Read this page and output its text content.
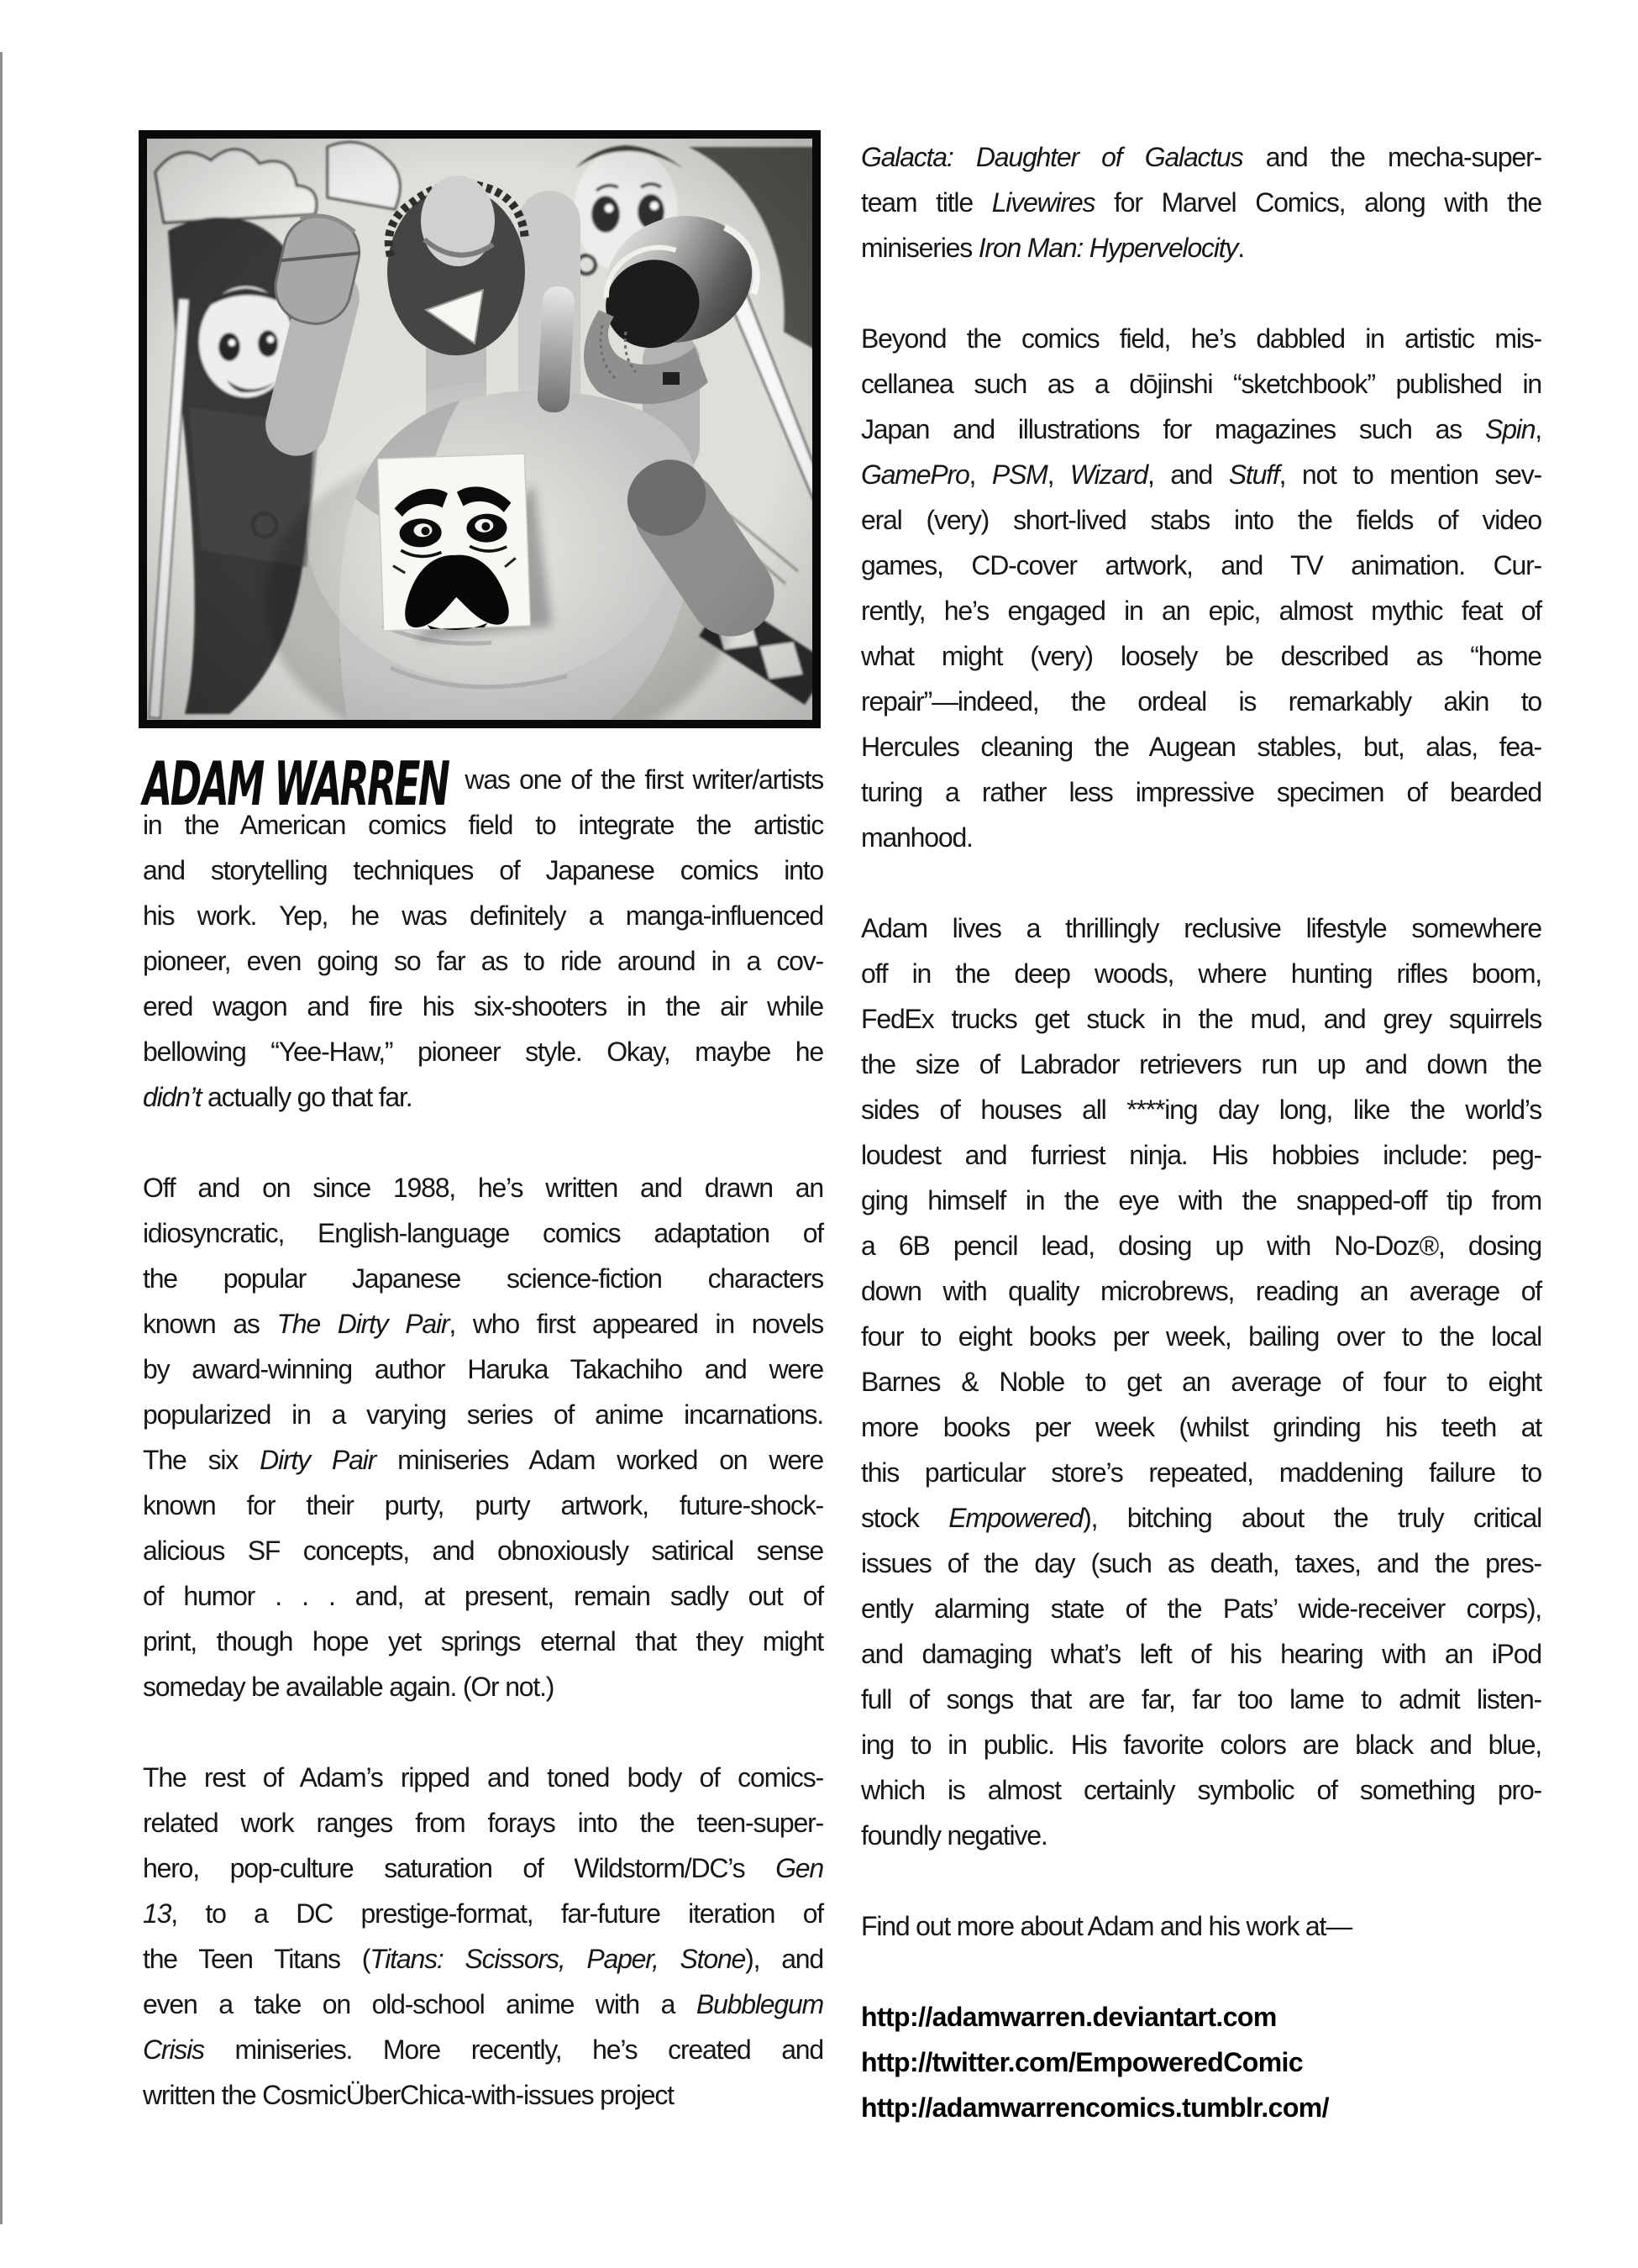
ADAM WARREN was one of the first writer/artists
in the American comics field to integrate the artistic
and storytelling techniques of Japanese comics into
his work. Yep, he was definitely a manga-influenced
pioneer, even going so far as to ride around in a cov-
ered wagon and fire his six-shooters in the air while
bellowing “Yee-Haw,” pioneer style. Okay, maybe he
didn’t actually go that far.
Off and on since 1988, he’s written and drawn an
idiosyncratic, English-language comics adaptation of
the popular Japanese science-fiction characters
known as The Dirty Pair, who first appeared in novels
by award-winning author Haruka Takachiho and were
popularized in a varying series of anime incarnations.
The six Dirty Pair miniseries Adam worked on were
known for their purty, purty artwork, future-shock-
alicious SF concepts, and obnoxiously satirical sense
of humor . . . and, at present, remain sadly out of
print, though hope yet springs eternal that they might
someday be available again. (Or not.)
The rest of Adam’s ripped and toned body of comics-
related work ranges from forays into the teen-super-
hero, pop-culture saturation of Wildstorm/DC’s Gen
13, to a DC prestige-format, far-future iteration of
the Teen Titans (Titans: Scissors, Paper, Stone), and
even a take on old-school anime with a Bubblegum
Crisis miniseries. More recently, he’s created and
written the CosmicÜberChica-with-issues project
Galacta: Daughter of Galactus and the mecha-super-
team title Livewires for Marvel Comics, along with the
miniseries Iron Man: Hypervelocity.
Beyond the comics field, he’s dabbled in artistic mis-
cellanea such as a dōjinshi “sketchbook” published in
Japan and illustrations for magazines such as Spin,
GamePro, PSM, Wizard, and Stuff, not to mention sev-
eral (very) short-lived stabs into the fields of video
games, CD-cover artwork, and TV animation. Cur-
rently, he’s engaged in an epic, almost mythic feat of
what might (very) loosely be described as “home
repair”—indeed, the ordeal is remarkably akin to
Hercules cleaning the Augean stables, but, alas, fea-
turing a rather less impressive specimen of bearded
manhood.
Adam lives a thrillingly reclusive lifestyle somewhere
off in the deep woods, where hunting rifles boom,
FedEx trucks get stuck in the mud, and grey squirrels
the size of Labrador retrievers run up and down the
sides of houses all ****ing day long, like the world’s
loudest and furriest ninja. His hobbies include: peg-
ging himself in the eye with the snapped-off tip from
a 6B pencil lead, dosing up with No-Doz®, dosing
down with quality microbrews, reading an average of
four to eight books per week, bailing over to the local
Barnes & Noble to get an average of four to eight
more books per week (whilst grinding his teeth at
this particular store’s repeated, maddening failure to
stock Empowered), bitching about the truly critical
issues of the day (such as death, taxes, and the pres-
ently alarming state of the Pats’ wide-receiver corps),
and damaging what’s left of his hearing with an iPod
full of songs that are far, far too lame to admit listen-
ing to in public. His favorite colors are black and blue,
which is almost certainly symbolic of something pro-
foundly negative.
Find out more about Adam and his work at—
http://adamwarren.deviantart.com
http://twitter.com/EmpoweredComic
http://adamwarrencomics.tumblr.com/
